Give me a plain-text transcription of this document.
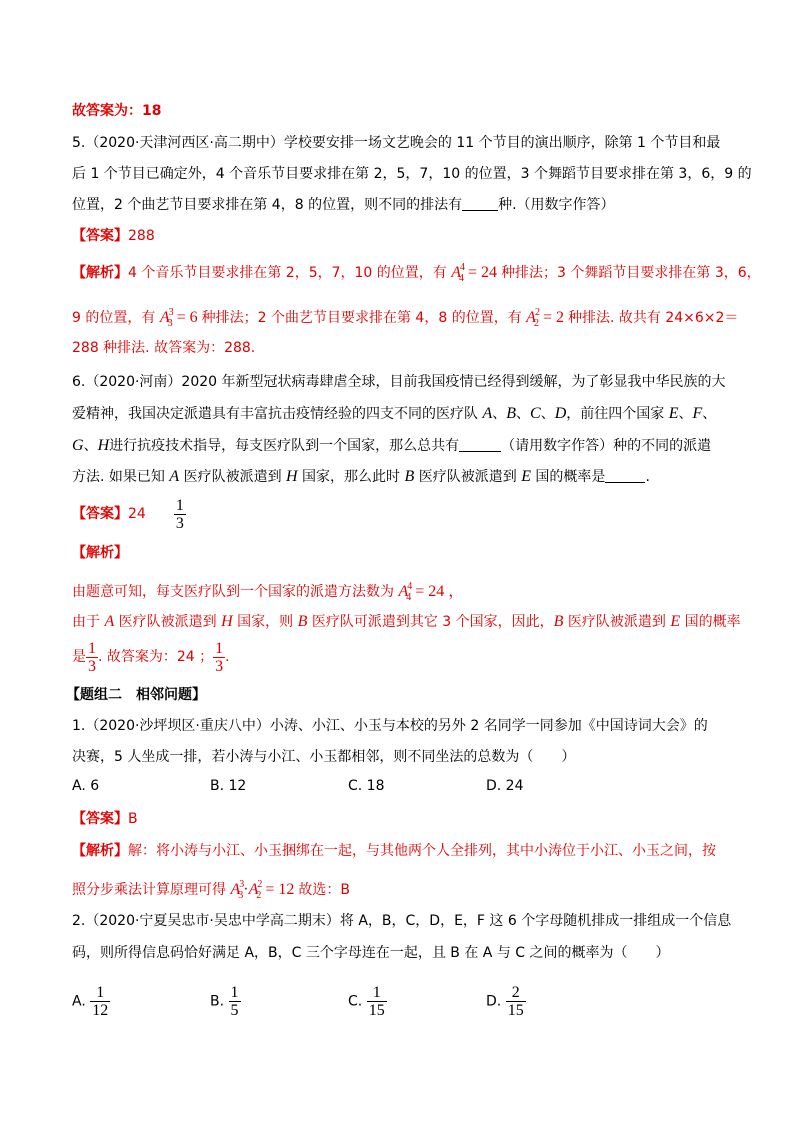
故答案为：18
5.（2020·天津河西区·高二期中）学校要安排一场文艺晚会的 11 个节目的演出顺序，除第 1 个节目和最
后 1 个节目已确定外，4 个音乐节目要求排在第 2，5，7，10 的位置，3 个舞蹈节目要求排在第 3，6，9 的
位置，2 个曲艺节目要求排在第 4，8 的位置，则不同的排法有	种.（用数字作答）
【答案】288
【解析】4 个音乐节目要求排在第 2，5，7，10 的位置，有 $A^4_4 = 24$ 种排法；3 个舞蹈节目要求排在第 3，6，
9 的位置，有 $A^3_3 = 6$ 种排法；2 个曲艺节目要求排在第 4，8 的位置，有 $A^2_2 = 2$ 种排法. 故共有 24×6×2＝
288 种排法. 故答案为：288.
6.（2020·河南）2020 年新型冠状病毒肆虐全球，目前我国疫情已经得到缓解，为了彰显我中华民族的大
爱精神，我国决定派遣具有丰富抗击疫情经验的四支不同的医疗队 A、B、C、D，前往四个国家 E、F、
G、H进行抗疫技术指导，每支医疗队到一个国家，那么总共有	（请用数字作答）种的不同的派遣
方法. 如果已知 A 医疗队被派遣到 H 国家，那么此时 B 医疗队被派遣到 E 国的概率是	.
【答案】$24 \frac{1}{3}$
【解析】
由题意可知，每支医疗队到一个国家的派遣方法数为 $A^4_4 = 24$ ，
由于 A 医疗队被派遣到 H 国家，则 B 医疗队可派遣到其它 3 个国家，因此，B 医疗队被派遣到 E 国的概率
是 $\frac{1}{3}$ . 故答案为：24 ； $\frac{1}{3}$ .
【题组二　相邻问题】
1.（2020·沙坪坝区·重庆八中）小涛、小江、小玉与本校的另外 2 名同学一同参加《中国诗词大会》的
决赛，5 人坐成一排，若小涛与小江、小玉都相邻，则不同坐法的总数为（　　）
A. 6	B. 12	C. 18	D. 24
【答案】B
【解析】解：将小涛与小江、小玉捆绑在一起，与其他两个人全排列，其中小涛位于小江、小玉之间，按
照分步乘法计算原理可得 $A^3_3\cdot A^2_2 = 12$ 故选：B
2.（2020·宁夏吴忠市·吴忠中学高二期末）将 A，B，C，D，E，F 这 6 个字母随机排成一排组成一个信息
码，则所得信息码恰好满足 A，B，C 三个字母连在一起，且 B 在 A 与 C 之间的概率为（　　）
A. $\frac{1}{12}$	B. $\frac{1}{5}$	C. $\frac{1}{15}$	D. $\frac{2}{15}$
